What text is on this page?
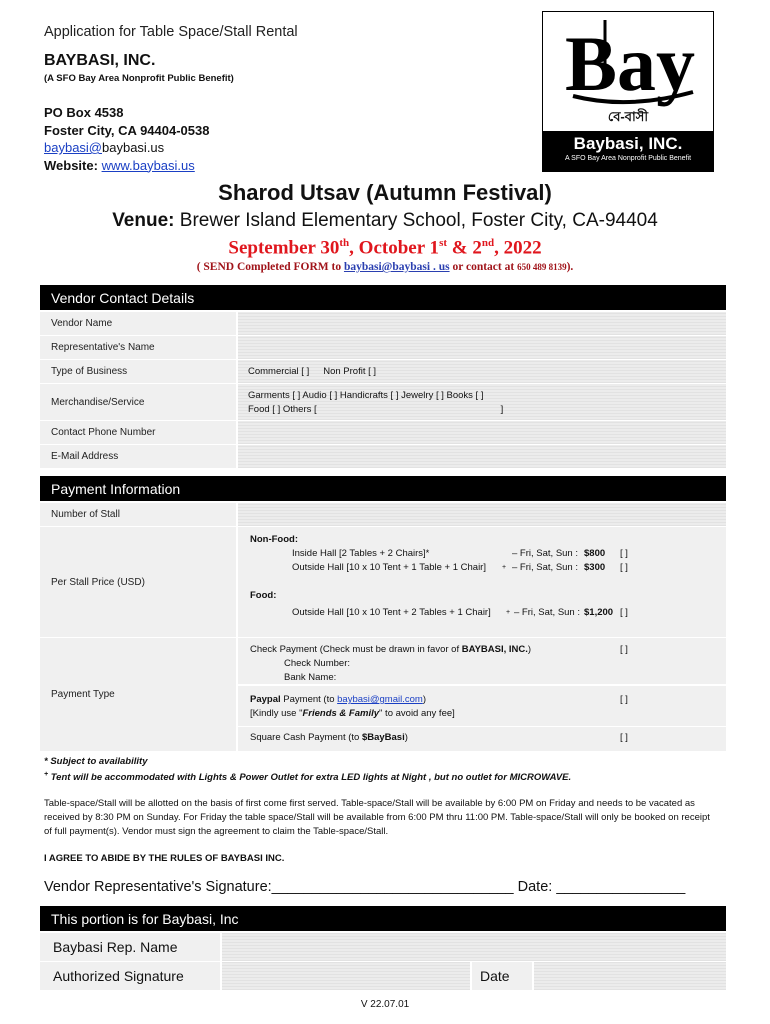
Application for Table Space/Stall Rental
BAYBASI, INC.
(A SFO Bay Area Nonprofit Public Benefit)
PO Box 4538
Foster City, CA 94404-0538
baybasi@baybasi.us
Website: www.baybasi.us
Bay
বে-বাসী
Baybasi, INC.
A SFO Bay Area Nonprofit Public Benefit
Sharod Utsav (Autumn Festival)
Venue: Brewer Island Elementary School, Foster City, CA-94404
September 30th, October 1st & 2nd, 2022
( SEND Completed FORM to baybasi@baybasi . us or contact at 650 489 8139).
Vendor Contact Details
Vendor Name
Representative's Name
Type of Business	Commercial [ ] Non Profit [ ]
Merchandise/Service
Garments [ ] Audio [ ] Handicrafts [ ] Jewelry [ ] Books [ ]
Food [ ] Others [	]
Contact Phone Number
E-Mail Address
Payment Information
Number of Stall
Per Stall Price (USD)
Non-Food:
Inside Hall [2 Tables + 2 Chairs]*	– Fri, Sat, Sun : $800 [ ]
Outside Hall [10 x 10 Tent + 1 Table + 1 Chair] + – Fri, Sat, Sun : $300 [ ]
Food:
Outside Hall [10 x 10 Tent + 2 Tables + 1 Chair] + – Fri, Sat, Sun : $1,200 [ ]
Payment Type
Check Payment (Check must be drawn in favor of BAYBASI, INC.)	[ ]
Check Number:
Bank Name:
Paypal Payment (to baybasi@gmail.com)	[ ]
[Kindly use "Friends & Family" to avoid any fee]
Square Cash Payment (to $BayBasi)	[ ]
* Subject to availability
+ Tent will be accommodated with Lights & Power Outlet for extra LED lights at Night , but no outlet for MICROWAVE.
Table-space/Stall will be allotted on the basis of first come first served. Table-space/Stall will be available by 6:00 PM on Friday and needs to be vacated as received by 8:30 PM on Sunday. For Friday the table space/Stall will be available from 6:00 PM thru 11:00 PM. Table-space/Stall will only be booked on receipt of full payment(s). Vendor must sign the agreement to claim the Table-space/Stall.
I AGREE TO ABIDE BY THE RULES OF BAYBASI INC.
Vendor Representative's Signature:______________________________ Date: ________________
This portion is for Baybasi, Inc
Baybasi Rep. Name
Authorized Signature	Date
V 22.07.01
